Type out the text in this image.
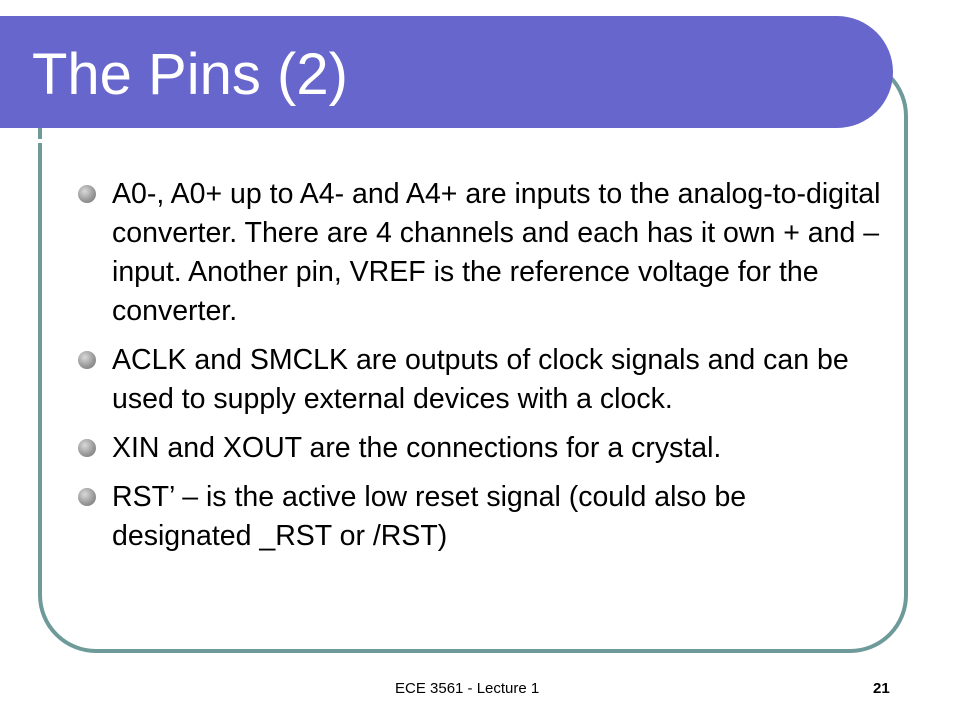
The Pins (2)
A0-, A0+ up to A4- and A4+ are inputs to the analog-to-digital converter. There are 4 channels and each has it own + and – input. Another pin, VREF is the reference voltage for the converter.
ACLK and SMCLK are outputs of clock signals and can be used to supply external devices with a clock.
XIN and XOUT are the connections for a crystal.
RST’ – is the active low reset signal (could also be designated _RST or /RST)
ECE 3561 - Lecture 1	21
